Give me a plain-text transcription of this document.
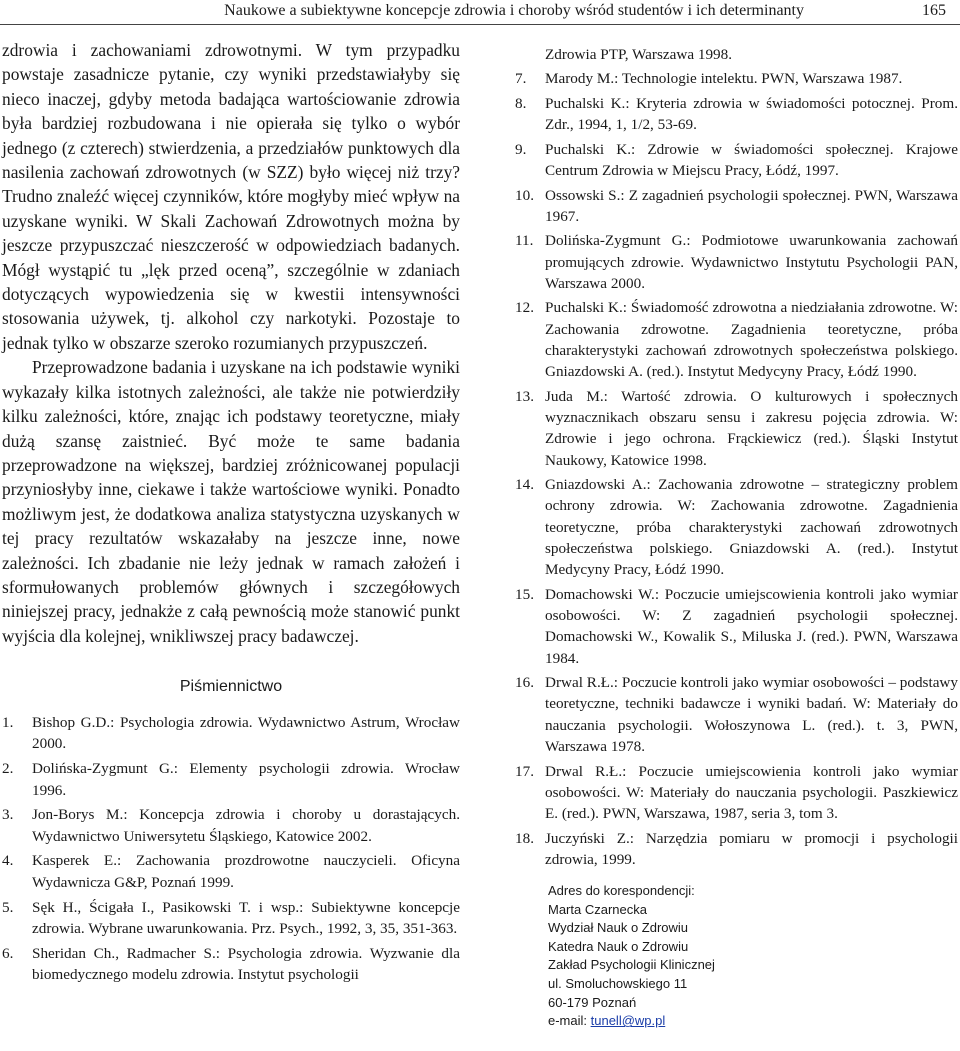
Naukowe a subiektywne koncepcje zdrowia i choroby wśród studentów i ich determinanty	165

zdrowia i zachowaniami zdrowotnymi. W tym przypadku powstaje zasadnicze pytanie, czy wyniki przedstawiałyby się nieco inaczej, gdyby metoda badająca wartościowanie zdrowia była bardziej rozbudowana i nie opierała się tylko o wybór jednego (z czterech) stwierdzenia, a przedziałów punktowych dla nasilenia zachowań zdrowotnych (w SZZ) było więcej niż trzy? Trudno znaleźć więcej czynników, które mogłyby mieć wpływ na uzyskane wyniki. W Skali Zachowań Zdrowotnych można by jeszcze przypuszczać nieszczerość w odpowiedziach badanych. Mógł wystąpić tu „lęk przed oceną”, szczególnie w zdaniach dotyczących wypowiedzenia się w kwestii intensywności stosowania używek, tj. alkohol czy narkotyki. Pozostaje to jednak tylko w obszarze szeroko rozumianych przypuszczeń.

Przeprowadzone badania i uzyskane na ich podstawie wyniki wykazały kilka istotnych zależności, ale także nie potwierdziły kilku zależności, które, znając ich podstawy teoretyczne, miały dużą szansę zaistnieć. Być może te same badania przeprowadzone na większej, bardziej zróżnicowanej populacji przyniosłyby inne, ciekawe i także wartościowe wyniki. Ponadto możliwym jest, że dodatkowa analiza statystyczna uzyskanych w tej pracy rezultatów wskazałaby na jeszcze inne, nowe zależności. Ich zbadanie nie leży jednak w ramach założeń i sformułowanych problemów głównych i szczegółowych niniejszej pracy, jednakże z całą pewnością może stanowić punkt wyjścia dla kolejnej, wnikliwszej pracy badawczej.

Piśmiennictwo
1.	Bishop G.D.: Psychologia zdrowia. Wydawnictwo Astrum, Wrocław 2000.
2.	Dolińska-Zygmunt G.: Elementy psychologii zdrowia. Wrocław 1996.
3.	Jon-Borys M.: Koncepcja zdrowia i choroby u dorastających. Wydawnictwo Uniwersytetu Śląskiego, Katowice 2002.
4.	Kasperek E.: Zachowania prozdrowotne nauczycieli. Oficyna Wydawnicza G&P, Poznań 1999.
5.	Sęk H., Ścigała I., Pasikowski T. i wsp.: Subiektywne koncepcje zdrowia. Wybrane uwarunkowania. Prz. Psych., 1992, 3, 35, 351-363.
6.	Sheridan Ch., Radmacher S.: Psychologia zdrowia. Wyzwanie dla biomedycznego modelu zdrowia. Instytut psychologii
Zdrowia PTP, Warszawa 1998.
7.	Marody M.: Technologie intelektu. PWN, Warszawa 1987.
8.	Puchalski K.: Kryteria zdrowia w świadomości potocznej. Prom. Zdr., 1994, 1, 1/2, 53-69.
9.	Puchalski K.: Zdrowie w świadomości społecznej. Krajowe Centrum Zdrowia w Miejscu Pracy, Łódź, 1997.
10. Ossowski S.: Z zagadnień psychologii społecznej. PWN, Warszawa 1967.
11. Dolińska-Zygmunt G.: Podmiotowe uwarunkowania zachowań promujących zdrowie. Wydawnictwo Instytutu Psychologii PAN, Warszawa 2000.
12. Puchalski K.: Świadomość zdrowotna a niedziałania zdrowotne. W: Zachowania zdrowotne. Zagadnienia teoretyczne, próba charakterystyki zachowań zdrowotnych społeczeństwa polskiego. Gniazdowski A. (red.). Instytut Medycyny Pracy, Łódź 1990.
13. Juda M.: Wartość zdrowia. O kulturowych i społecznych wyznacznikach obszaru sensu i zakresu pojęcia zdrowia. W: Zdrowie i jego ochrona. Frąckiewicz (red.). Śląski Instytut Naukowy, Katowice 1998.
14. Gniazdowski A.: Zachowania zdrowotne – strategiczny problem ochrony zdrowia. W: Zachowania zdrowotne. Zagadnienia teoretyczne, próba charakterystyki zachowań zdrowotnych społeczeństwa polskiego. Gniazdowski A. (red.). Instytut Medycyny Pracy, Łódź 1990.
15. Domachowski W.: Poczucie umiejscowienia kontroli jako wymiar osobowości. W: Z zagadnień psychologii społecznej. Domachowski W., Kowalik S., Miluska J. (red.). PWN, Warszawa 1984.
16. Drwal R.Ł.: Poczucie kontroli jako wymiar osobowości – podstawy teoretyczne, techniki badawcze i wyniki badań. W: Materiały do nauczania psychologii. Wołoszynowa L. (red.). t. 3, PWN, Warszawa 1978.
17. Drwal R.Ł.: Poczucie umiejscowienia kontroli jako wymiar osobowości. W: Materiały do nauczania psychologii. Paszkiewicz E. (red.). PWN, Warszawa, 1987, seria 3, tom 3.
18. Juczyński Z.: Narzędzia pomiaru w promocji i psychologii zdrowia, 1999.
Adres do korespondencji:
Marta Czarnecka
Wydział Nauk o Zdrowiu
Katedra Nauk o Zdrowiu
Zakład Psychologii Klinicznej
ul. Smoluchowskiego 11
60-179 Poznań
e-mail: tunell@wp.pl
